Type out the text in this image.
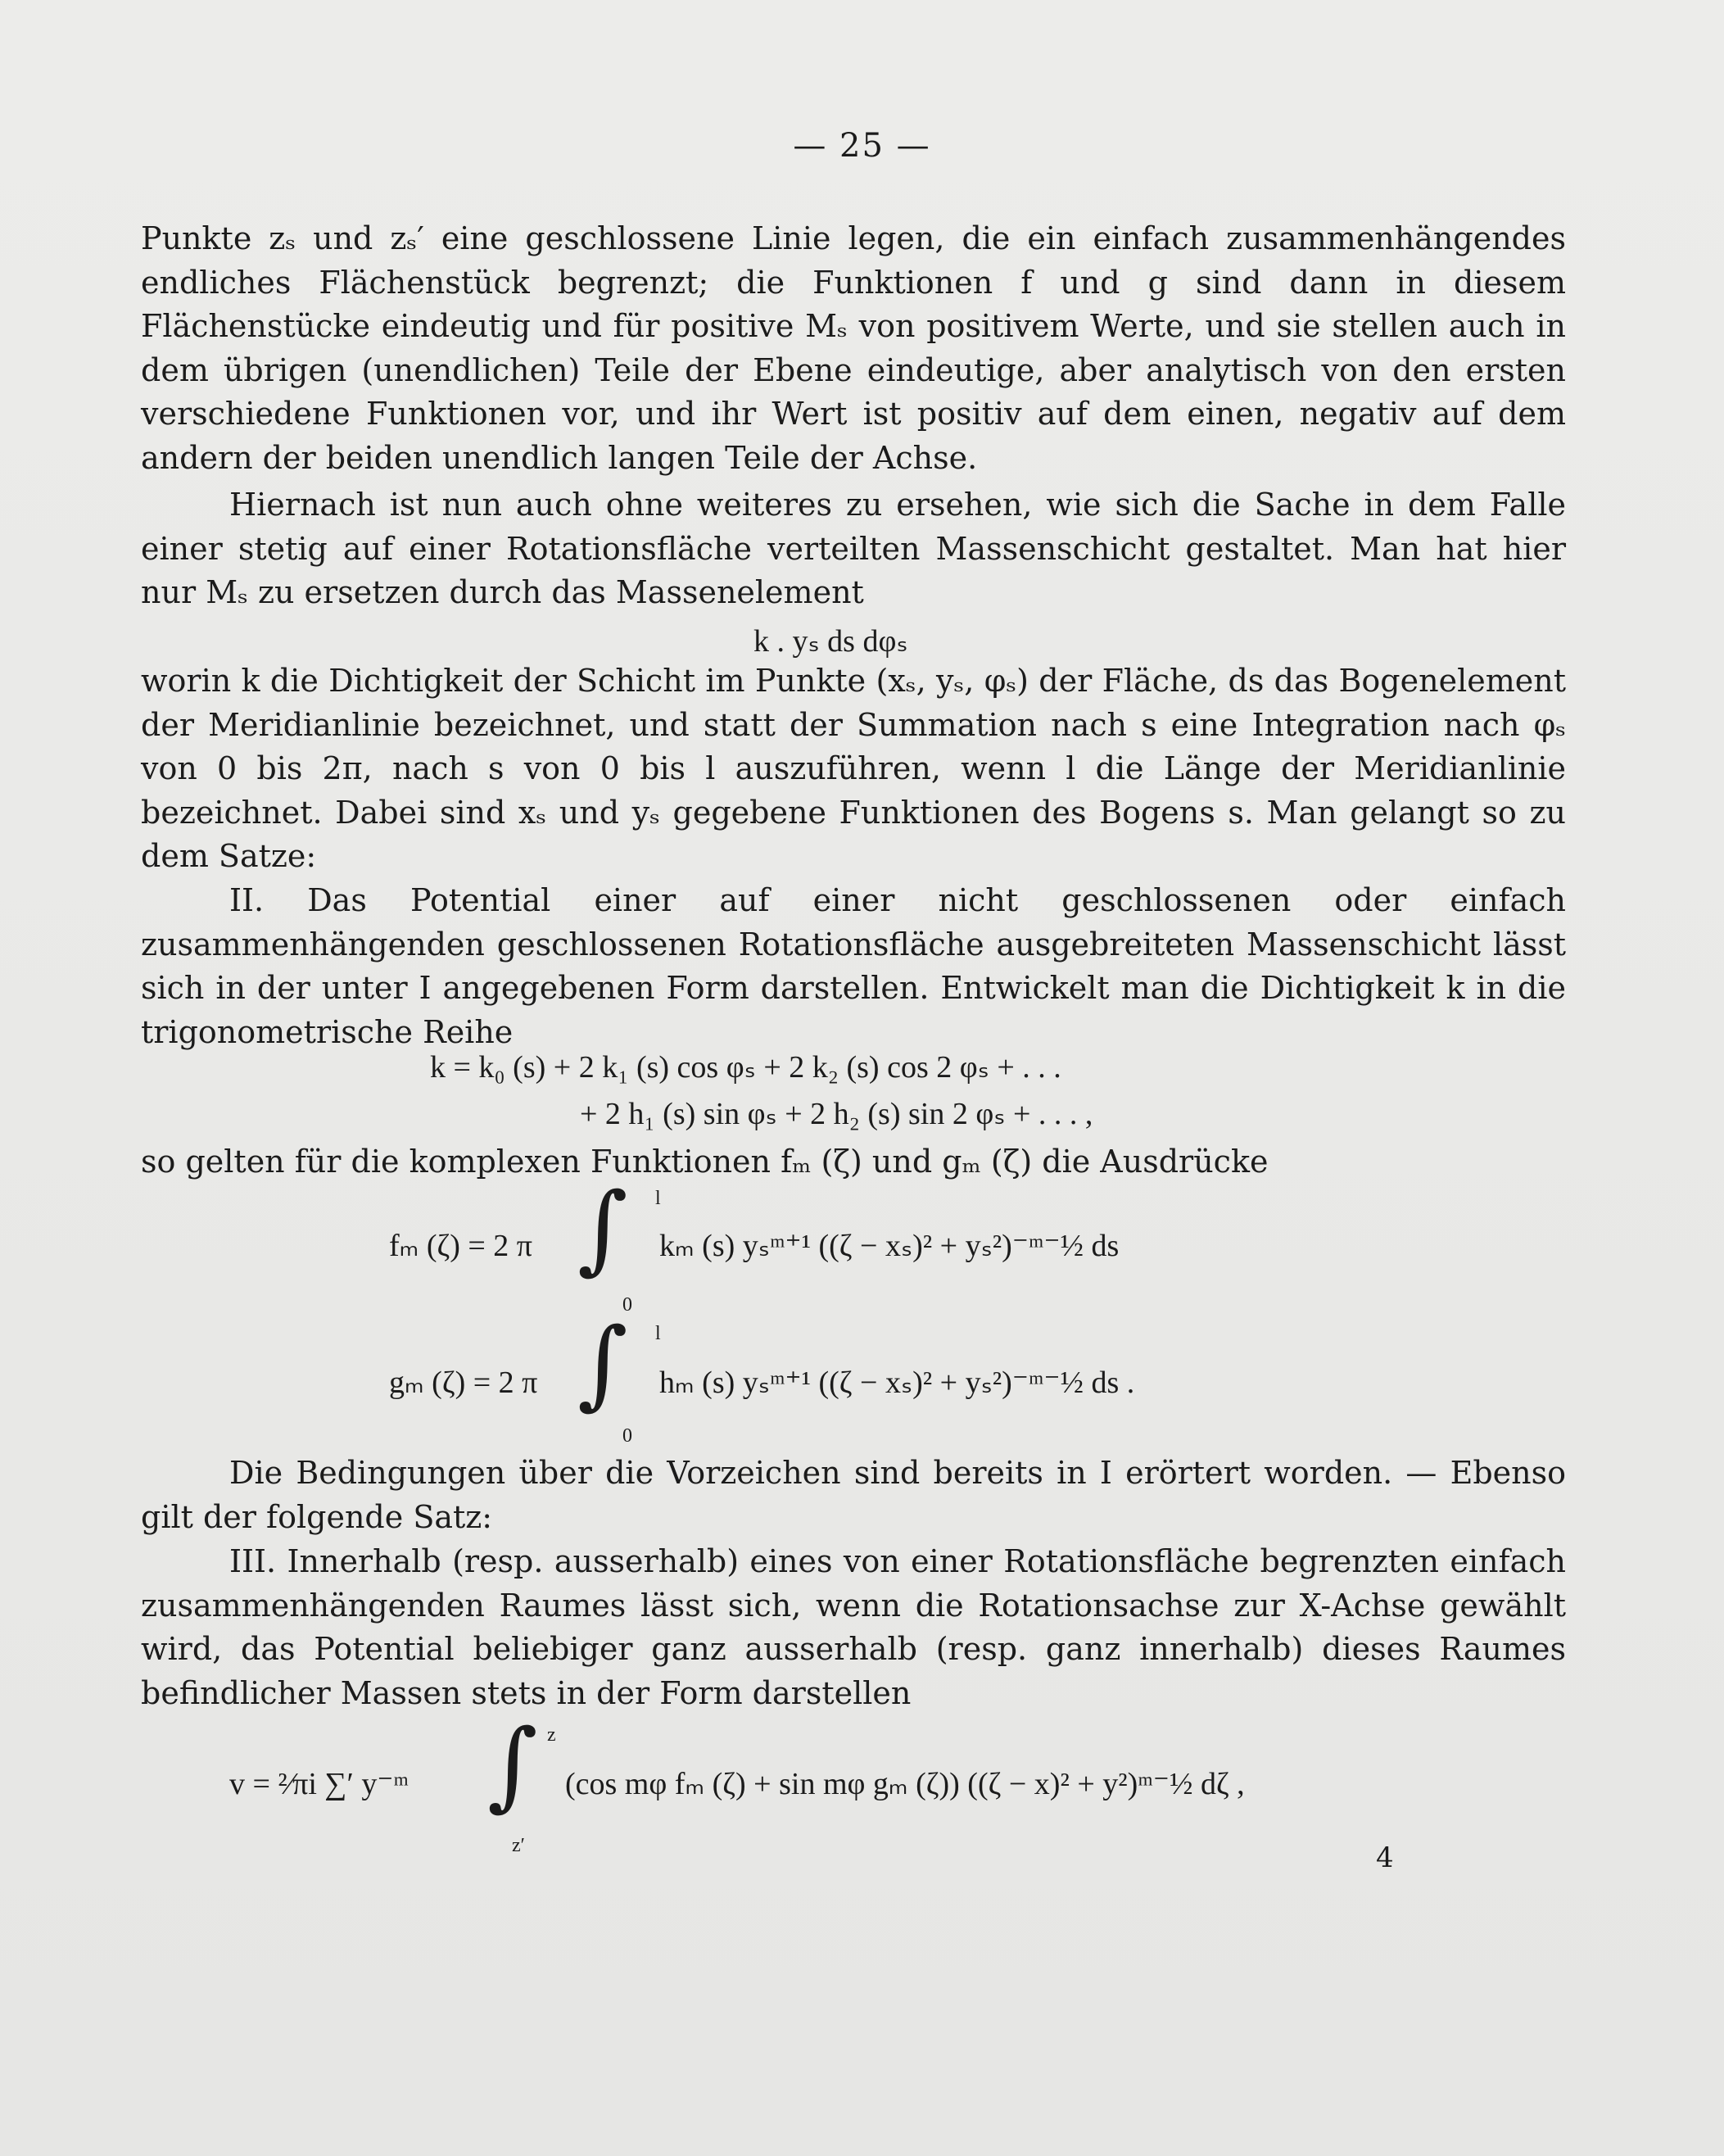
— 25 —
Punkte zₛ und zₛ′ eine geschlossene Linie legen, die ein einfach zusammenhängendes endliches Flächenstück begrenzt; die Funktionen f und g sind dann in diesem Flächenstücke eindeutig und für positive Mₛ von positivem Werte, und sie stellen auch in dem übrigen (unendlichen) Teile der Ebene eindeutige, aber analytisch von den ersten verschiedene Funktionen vor, und ihr Wert ist positiv auf dem einen, negativ auf dem andern der beiden unendlich langen Teile der Achse.
Hiernach ist nun auch ohne weiteres zu ersehen, wie sich die Sache in dem Falle einer stetig auf einer Rotationsfläche verteilten Massenschicht gestaltet. Man hat hier nur Mₛ zu ersetzen durch das Massenelement
k . yₛ ds dφₛ
worin k die Dichtigkeit der Schicht im Punkte (xₛ, yₛ, φₛ) der Fläche, ds das Bogenelement der Meridianlinie bezeichnet, und statt der Summation nach s eine Integration nach φₛ von 0 bis 2π, nach s von 0 bis l auszuführen, wenn l die Länge der Meridianlinie bezeichnet. Dabei sind xₛ und yₛ gegebene Funktionen des Bogens s. Man gelangt so zu dem Satze:
II. Das Potential einer auf einer nicht geschlossenen oder einfach zusammenhängenden geschlossenen Rotationsfläche ausgebreiteten Massenschicht lässt sich in der unter I angegebenen Form darstellen. Entwickelt man die Dichtigkeit k in die trigonometrische Reihe
k = k₀ (s) + 2 k₁ (s) cos φₛ + 2 k₂ (s) cos 2 φₛ + . . .
+ 2 h₁ (s) sin φₛ + 2 h₂ (s) sin 2 φₛ + . . . ,
so gelten für die komplexen Funktionen fₘ (ζ) und gₘ (ζ) die Ausdrücke
fₘ (ζ) = 2 π ∫ l
0
kₘ (s) yₛᵐ⁺¹ ((ζ − xₛ)² + yₛ²)⁻ᵐ⁻½ ds
gₘ (ζ) = 2 π ∫ l
0
hₘ (s) yₛᵐ⁺¹ ((ζ − xₛ)² + yₛ²)⁻ᵐ⁻½ ds .
Die Bedingungen über die Vorzeichen sind bereits in I erörtert worden. — Ebenso gilt der folgende Satz:
III. Innerhalb (resp. ausserhalb) eines von einer Rotationsfläche begrenzten einfach zusammenhängenden Raumes lässt sich, wenn die Rotationsachse zur X-Achse gewählt wird, das Potential beliebiger ganz ausserhalb (resp. ganz innerhalb) dieses Raumes befindlicher Massen stets in der Form darstellen
v = ²⁄πi ∑′ y⁻ᵐ ∫ z
z′
(cos mφ fₘ (ζ) + sin mφ gₘ (ζ)) ((ζ − x)² + y²)ᵐ⁻½ dζ ,
4
